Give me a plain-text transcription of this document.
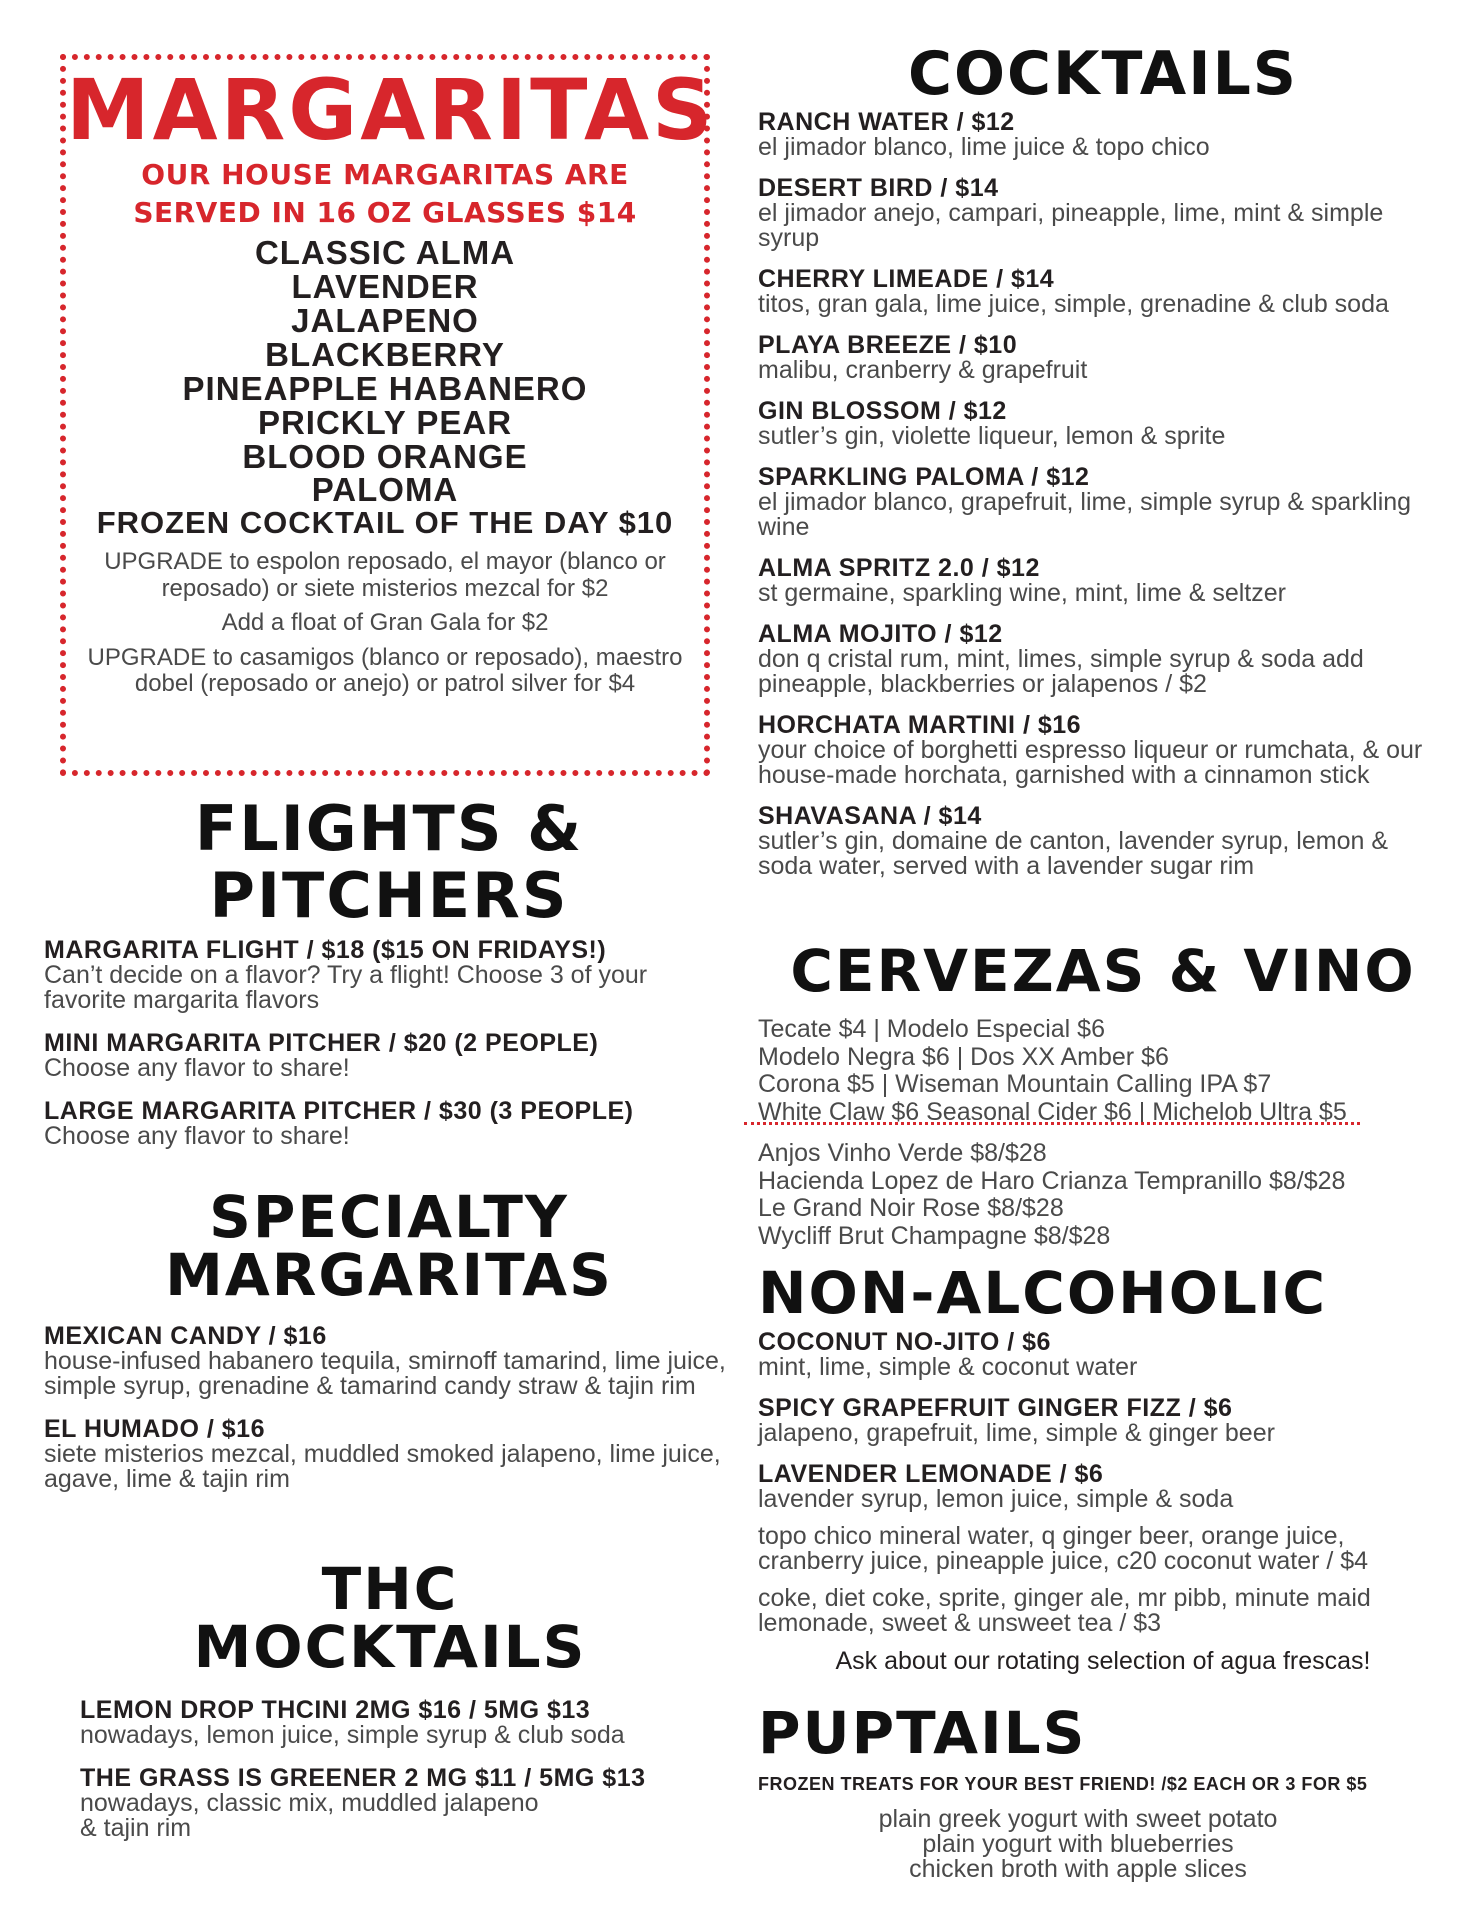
MARGARITAS

OUR HOUSE MARGARITAS ARE

SERVED IN 16 OZ GLASSES $14

CLASSIC ALMA

LAVENDER

JALAPENO

BLACKBERRY

PINEAPPLE HABANERO

PRICKLY PEAR

BLOOD ORANGE

PALOMA

FROZEN COCKTAIL OF THE DAY $10

UPGRADE to espolon reposado, el mayor (blanco or reposado) or siete misterios mezcal for $2

Add a float of Gran Gala for $2

UPGRADE to casamigos (blanco or reposado), maestro dobel (reposado or anejo) or patrol silver for $4

FLIGHTS &
PITCHERS

MARGARITA FLIGHT / $18 ($15 ON FRIDAYS!)

Can’t decide on a flavor? Try a flight! Choose 3 of your favorite margarita flavors

MINI MARGARITA PITCHER / $20 (2 PEOPLE)

Choose any flavor to share!

LARGE MARGARITA PITCHER / $30 (3 PEOPLE)

Choose any flavor to share!

SPECIALTY
MARGARITAS

MEXICAN CANDY / $16

house-infused habanero tequila, smirnoff tamarind, lime juice, simple syrup, grenadine & tamarind candy straw & tajin rim

EL HUMADO / $16

siete misterios mezcal, muddled smoked jalapeno, lime juice, agave, lime & tajin rim

THC
MOCKTAILS

LEMON DROP THCINI 2MG $16 / 5MG $13

nowadays, lemon juice, simple syrup & club soda

THE GRASS IS GREENER 2 MG $11 / 5MG $13

nowadays, classic mix, muddled jalapeno & tajin rim

COCKTAILS

RANCH WATER / $12

el jimador blanco, lime juice & topo chico

DESERT BIRD / $14

el jimador anejo, campari, pineapple, lime, mint & simple syrup

CHERRY LIMEADE / $14

titos, gran gala, lime juice, simple, grenadine & club soda

PLAYA BREEZE / $10

malibu, cranberry & grapefruit

GIN BLOSSOM / $12

sutler’s gin, violette liqueur, lemon & sprite

SPARKLING PALOMA / $12

el jimador blanco, grapefruit, lime, simple syrup & sparkling wine

ALMA SPRITZ 2.0 / $12

st germaine, sparkling wine, mint, lime & seltzer

ALMA MOJITO / $12

don q cristal rum, mint, limes, simple syrup & soda add pineapple, blackberries or jalapenos / $2

HORCHATA MARTINI / $16

your choice of borghetti espresso liqueur or rumchata, & our house-made horchata, garnished with a cinnamon stick

SHAVASANA / $14

sutler’s gin, domaine de canton, lavender syrup, lemon & soda water, served with a lavender sugar rim

CERVEZAS & VINO

Tecate $4 | Modelo Especial $6

Modelo Negra $6 | Dos XX Amber $6

Corona $5 | Wiseman Mountain Calling IPA $7

White Claw $6 Seasonal Cider $6 | Michelob Ultra $5

Anjos Vinho Verde $8/$28

Hacienda Lopez de Haro Crianza Tempranillo $8/$28

Le Grand Noir Rose $8/$28

Wycliff Brut Champagne $8/$28

NON-ALCOHOLIC

COCONUT NO-JITO / $6

mint, lime, simple & coconut water

SPICY GRAPEFRUIT GINGER FIZZ / $6

jalapeno, grapefruit, lime, simple & ginger beer

LAVENDER LEMONADE / $6

lavender syrup, lemon juice, simple & soda

topo chico mineral water, q ginger beer, orange juice, cranberry juice, pineapple juice, c20 coconut water / $4

coke, diet coke, sprite, ginger ale, mr pibb, minute maid lemonade, sweet & unsweet tea / $3

Ask about our rotating selection of agua frescas!

PUPTAILS

FROZEN TREATS FOR YOUR BEST FRIEND! /$2 EACH OR 3 FOR $5

plain greek yogurt with sweet potato

plain yogurt with blueberries

chicken broth with apple slices
